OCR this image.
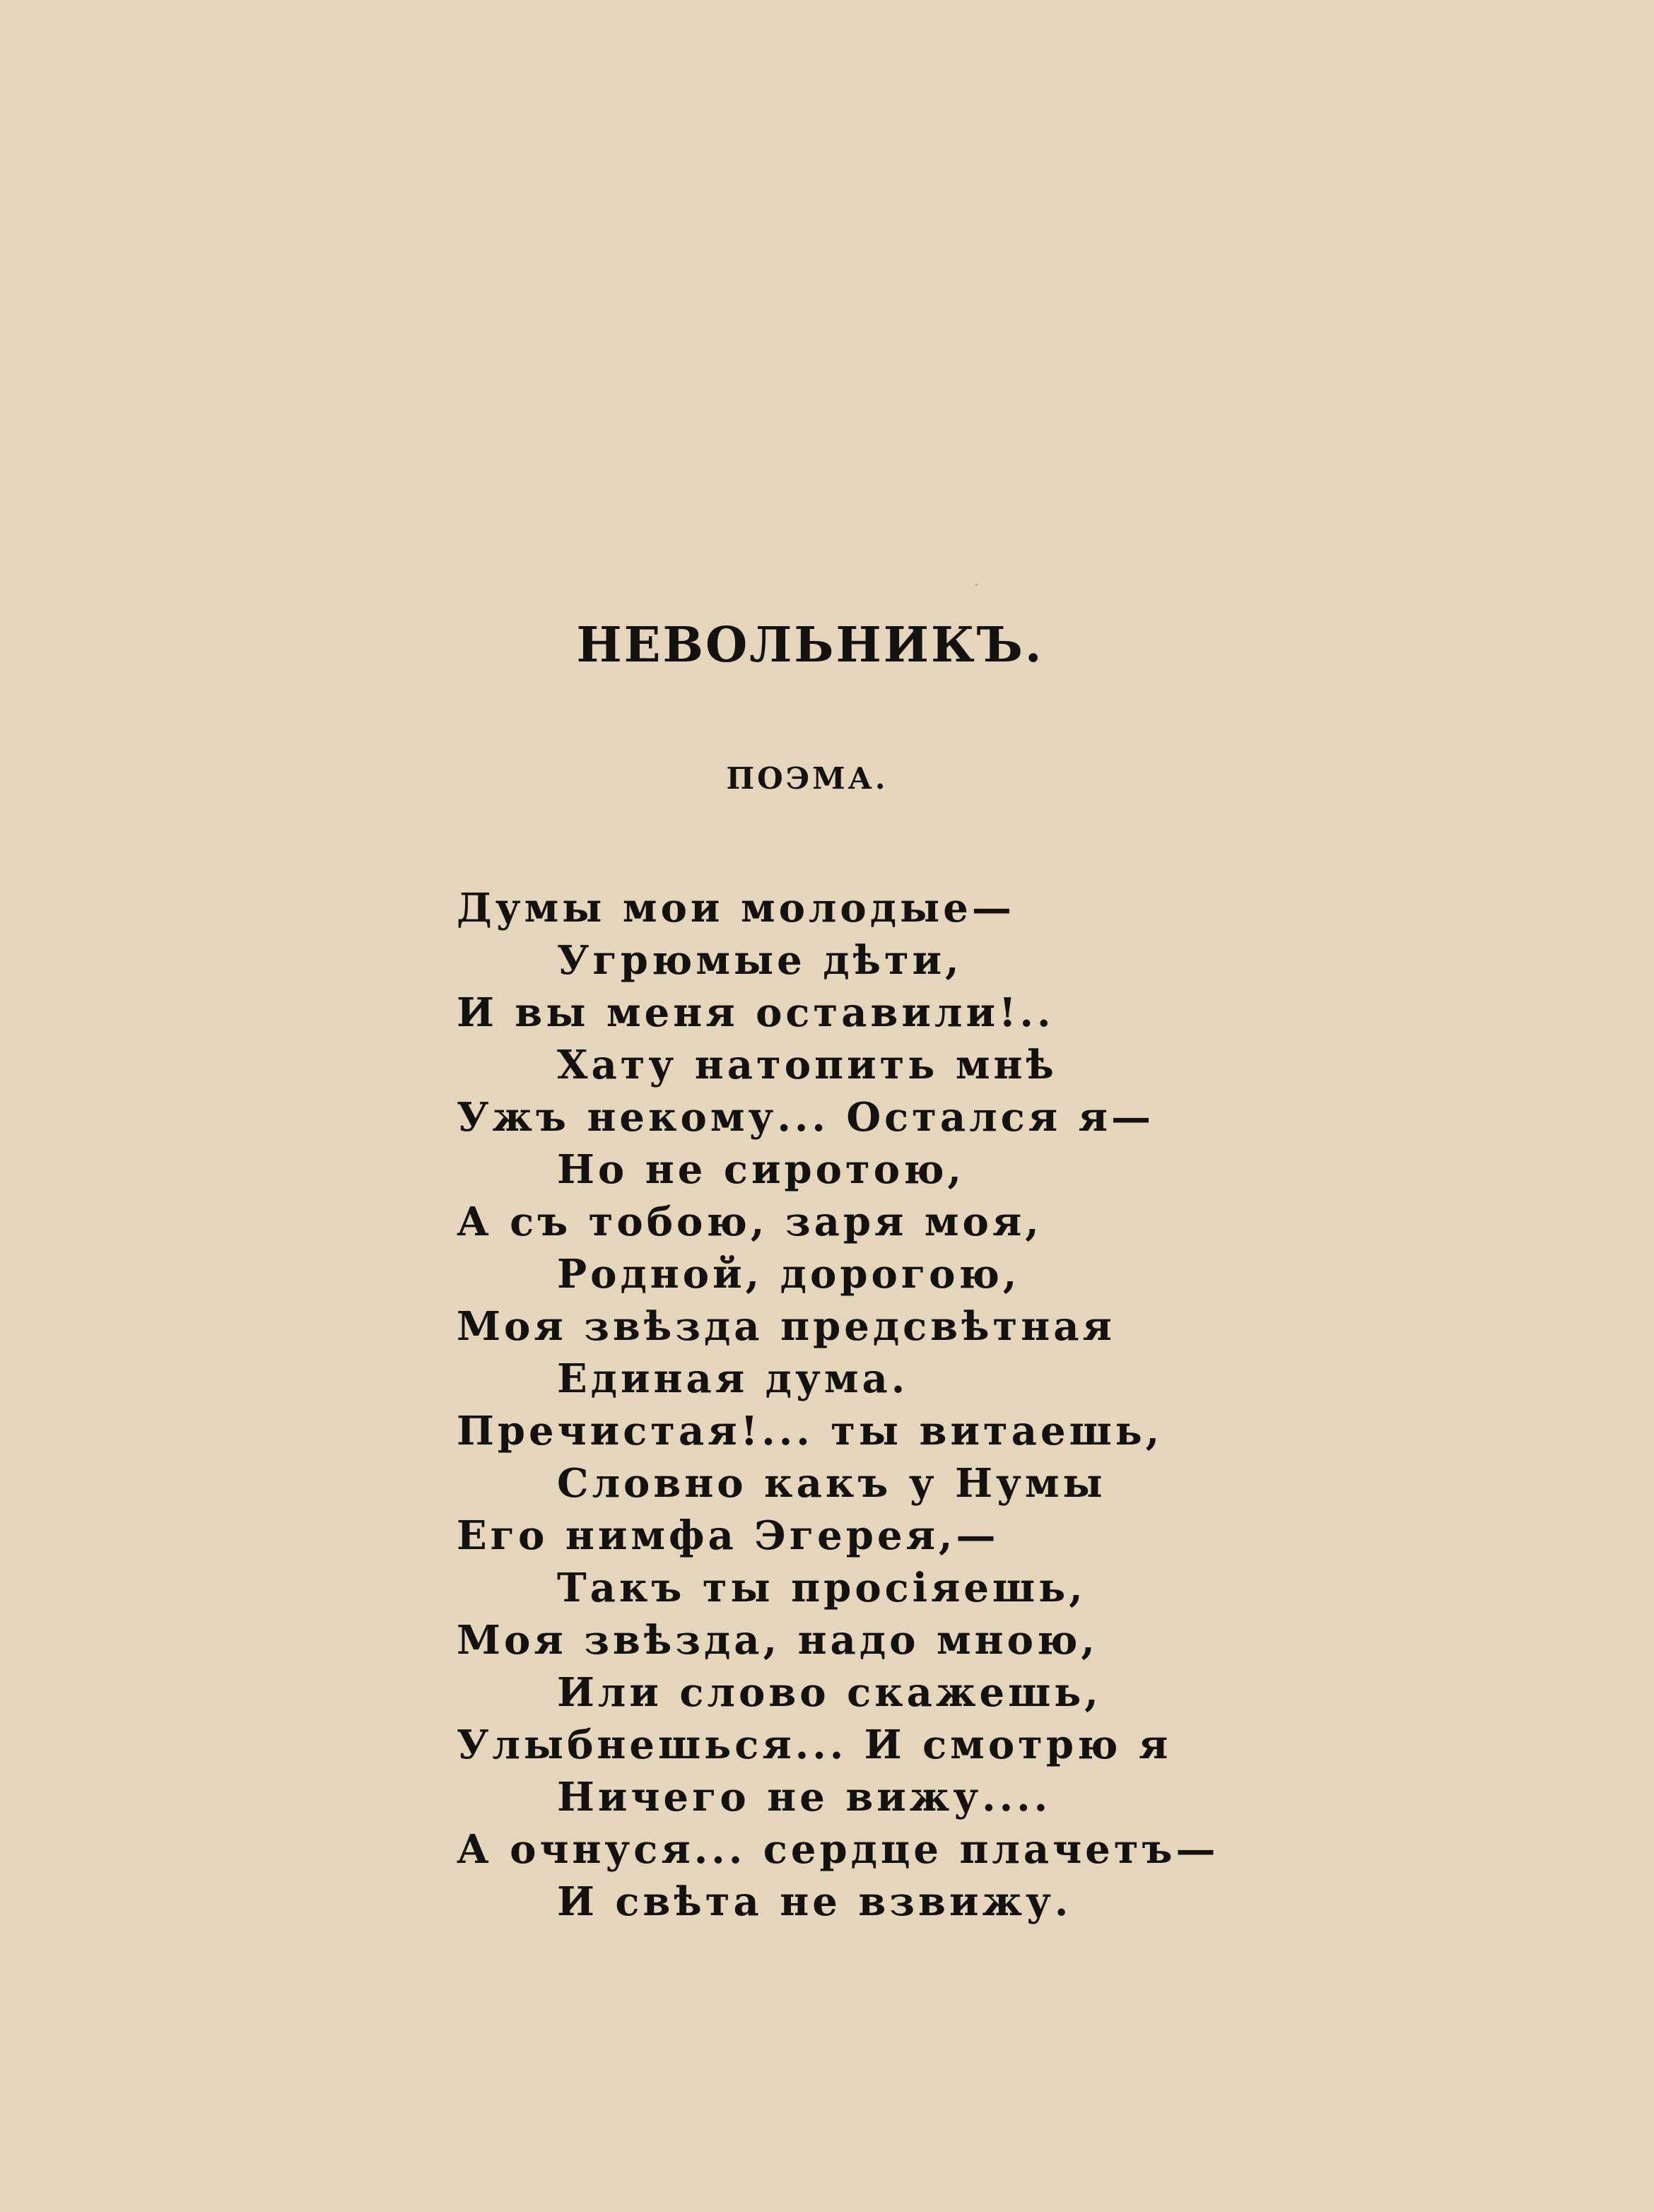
НЕВОЛЬНИКЪ.
ПОЭМА.
Думы мои молодые—
Угрюмые дѣти,
И вы меня оставили!..
Хату натопить мнѣ
Ужъ некому... Остался я—
Но не сиротою,
А съ тобою, заря моя,
Родной, дорогою,
Моя звѣзда предсвѣтная
Единая дума.
Пречистая!... ты витаешь,
Словно какъ у Нумы
Его нимфа Эгерея,—
Такъ ты просіяешь,
Моя звѣзда, надо мною,
Или слово скажешь,
Улыбнешься... И смотрю я
Ничего не вижу....
А очнуся... сердце плачетъ—
И свѣта не взвижу.
